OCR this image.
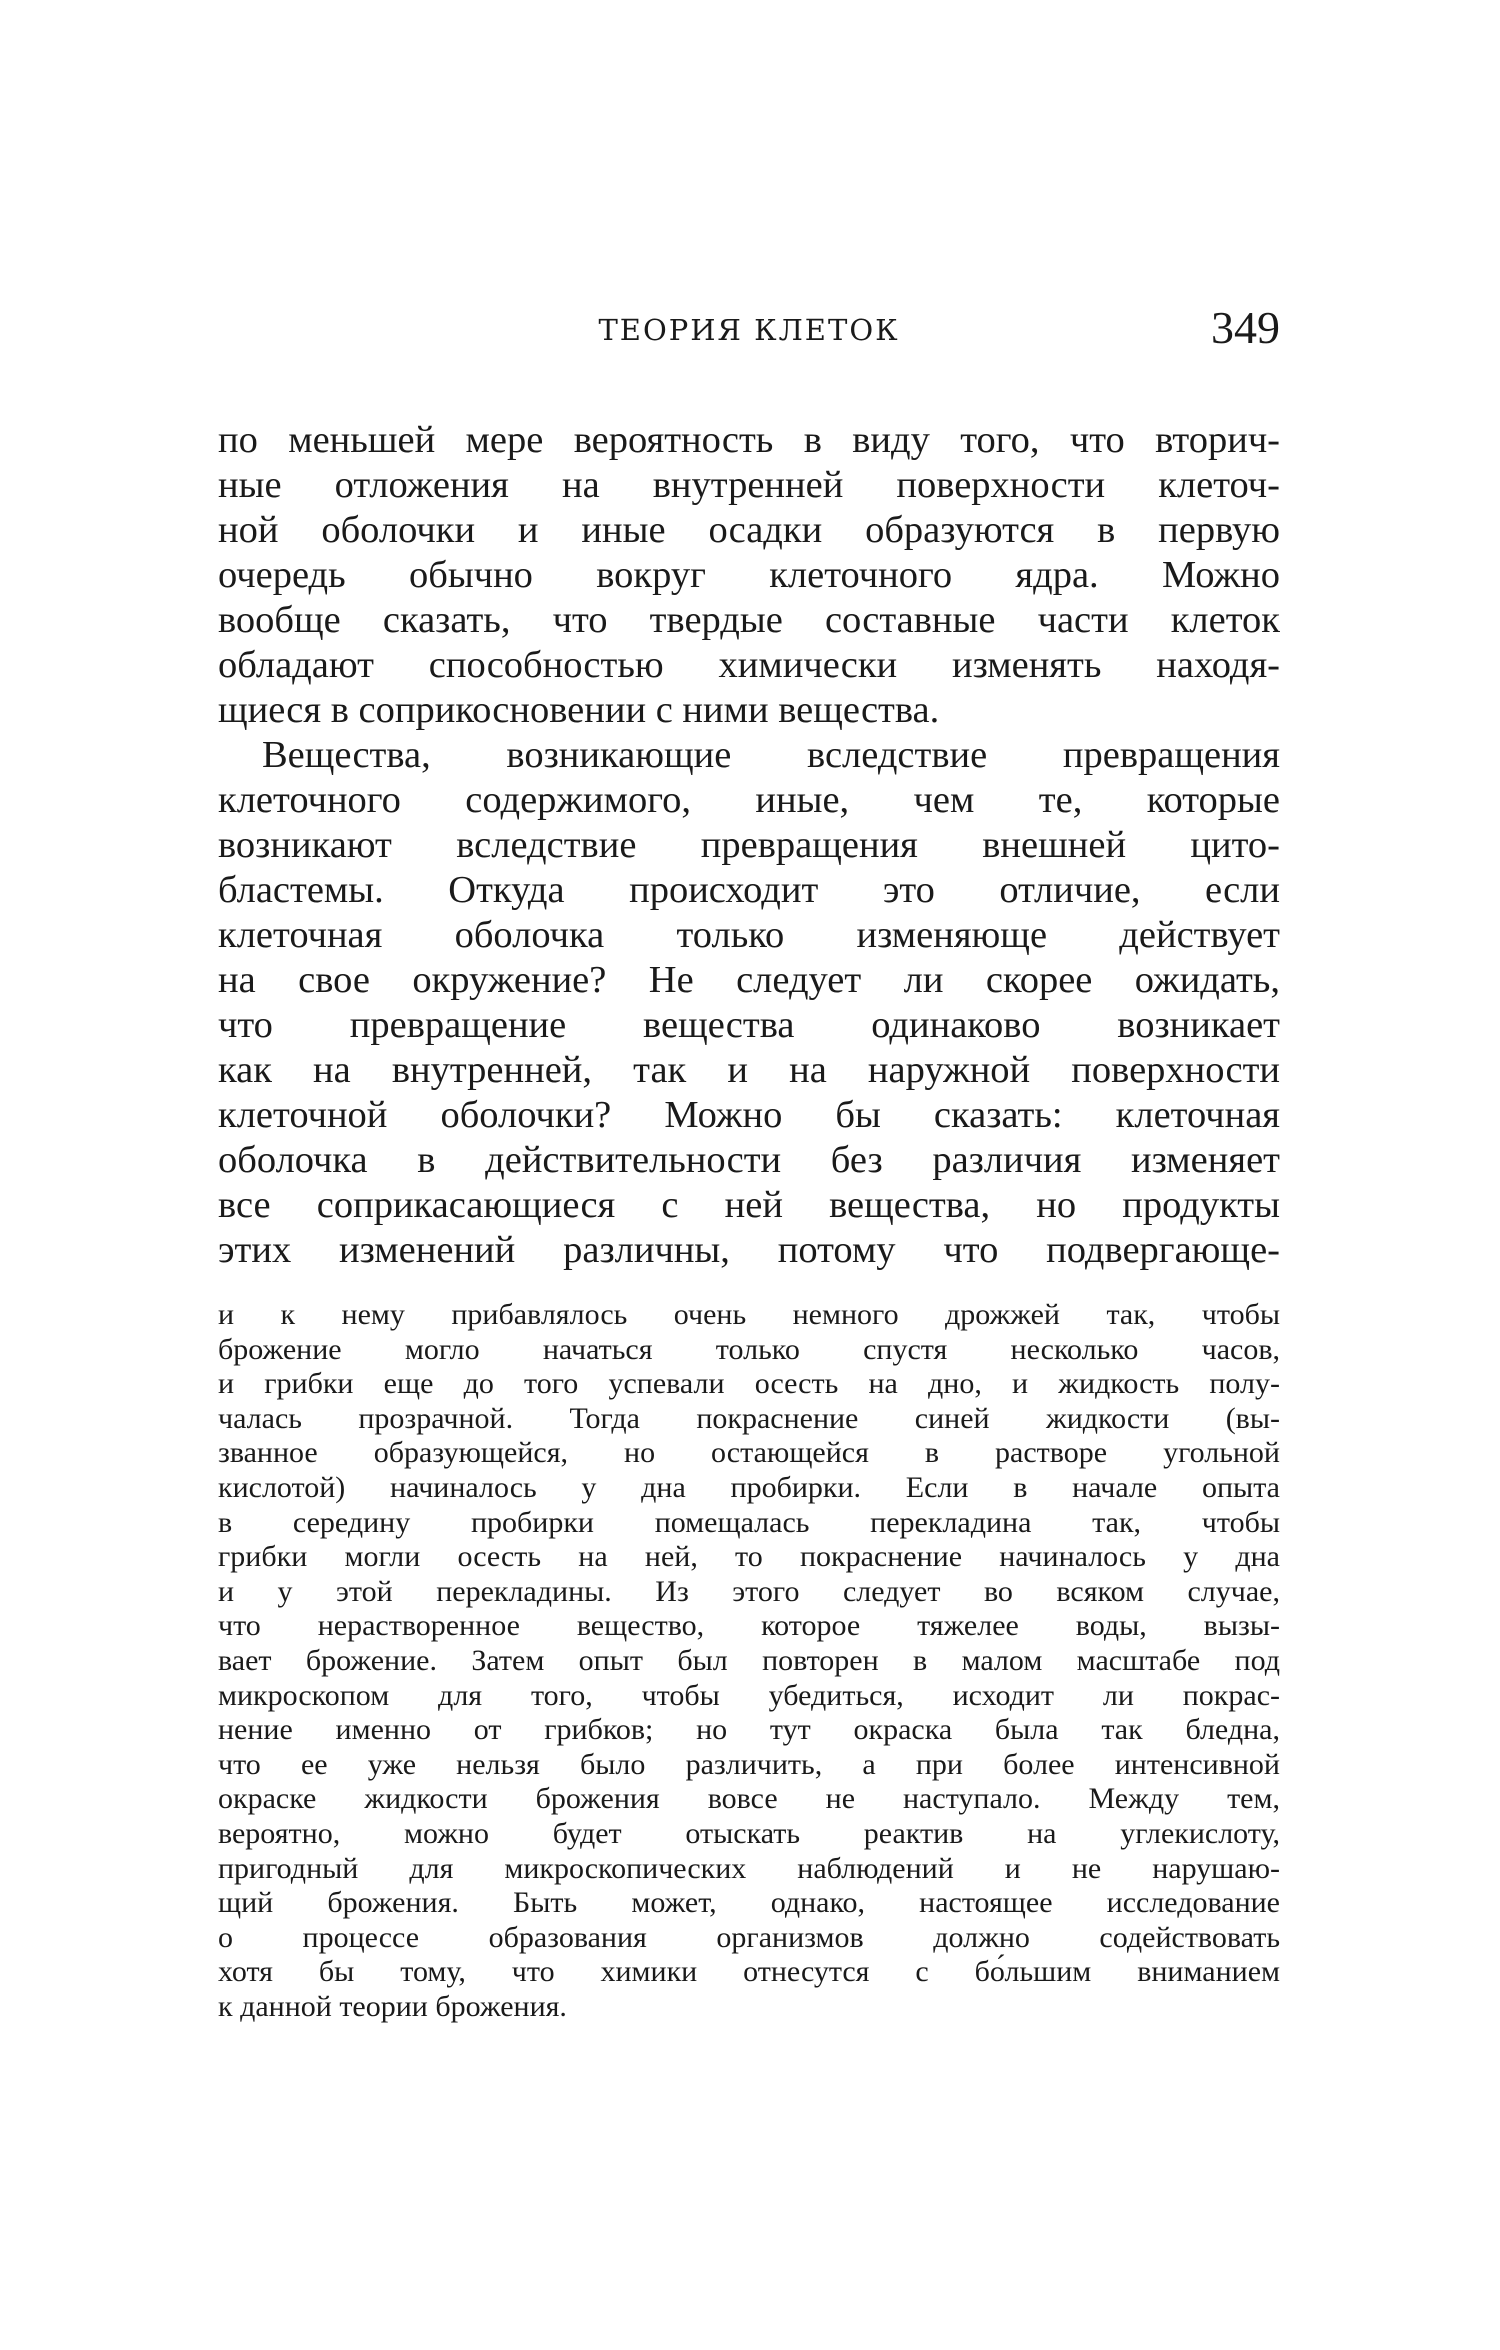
ТЕОРИЯ КЛЕТОК	349
по меньшей мере вероятность в виду того, что вторич-
ные отложения на внутренней поверхности клеточ-
ной оболочки и иные осадки образуются в первую
очередь обычно вокруг клеточного ядра. Можно
вообще сказать, что твердые составные части клеток
обладают способностью химически изменять находя-
щиеся в соприкосновении с ними вещества.
Вещества, возникающие вследствие превращения
клеточного содержимого, иные, чем те, которые
возникают вследствие превращения внешней цито-
бластемы. Откуда происходит это отличие, если
клеточная оболочка только изменяюще действует
на свое окружение? Не следует ли скорее ожидать,
что превращение вещества одинаково возникает
как на внутренней, так и на наружной поверхности
клеточной оболочки? Можно бы сказать: клеточная
оболочка в действительности без различия изменяет
все соприкасающиеся с ней вещества, но продукты
этих изменений различны, потому что подвергающе-
и к нему прибавлялось очень немного дрожжей так, чтобы
брожение могло начаться только спустя несколько часов,
и грибки еще до того успевали осесть на дно, и жидкость полу-
чалась прозрачной. Тогда покраснение синей жидкости (вы-
званное образующейся, но остающейся в растворе угольной
кислотой) начиналось у дна пробирки. Если в начале опыта
в середину пробирки помещалась перекладина так, чтобы
грибки могли осесть на ней, то покраснение начиналось у дна
и у этой перекладины. Из этого следует во всяком случае,
что нерастворенное вещество, которое тяжелее воды, вызы-
вает брожение. Затем опыт был повторен в малом масштабе под
микроскопом для того, чтобы убедиться, исходит ли покрас-
нение именно от грибков; но тут окраска была так бледна,
что ее уже нельзя было различить, а при более интенсивной
окраске жидкости брожения вовсе не наступало. Между тем,
вероятно, можно будет отыскать реактив на углекислоту,
пригодный для микроскопических наблюдений и не нарушаю-
щий брожения. Быть может, однако, настоящее исследование
о процессе образования организмов должно содействовать
хотя бы тому, что химики отнесутся с бо́льшим вниманием
к данной теории брожения.
